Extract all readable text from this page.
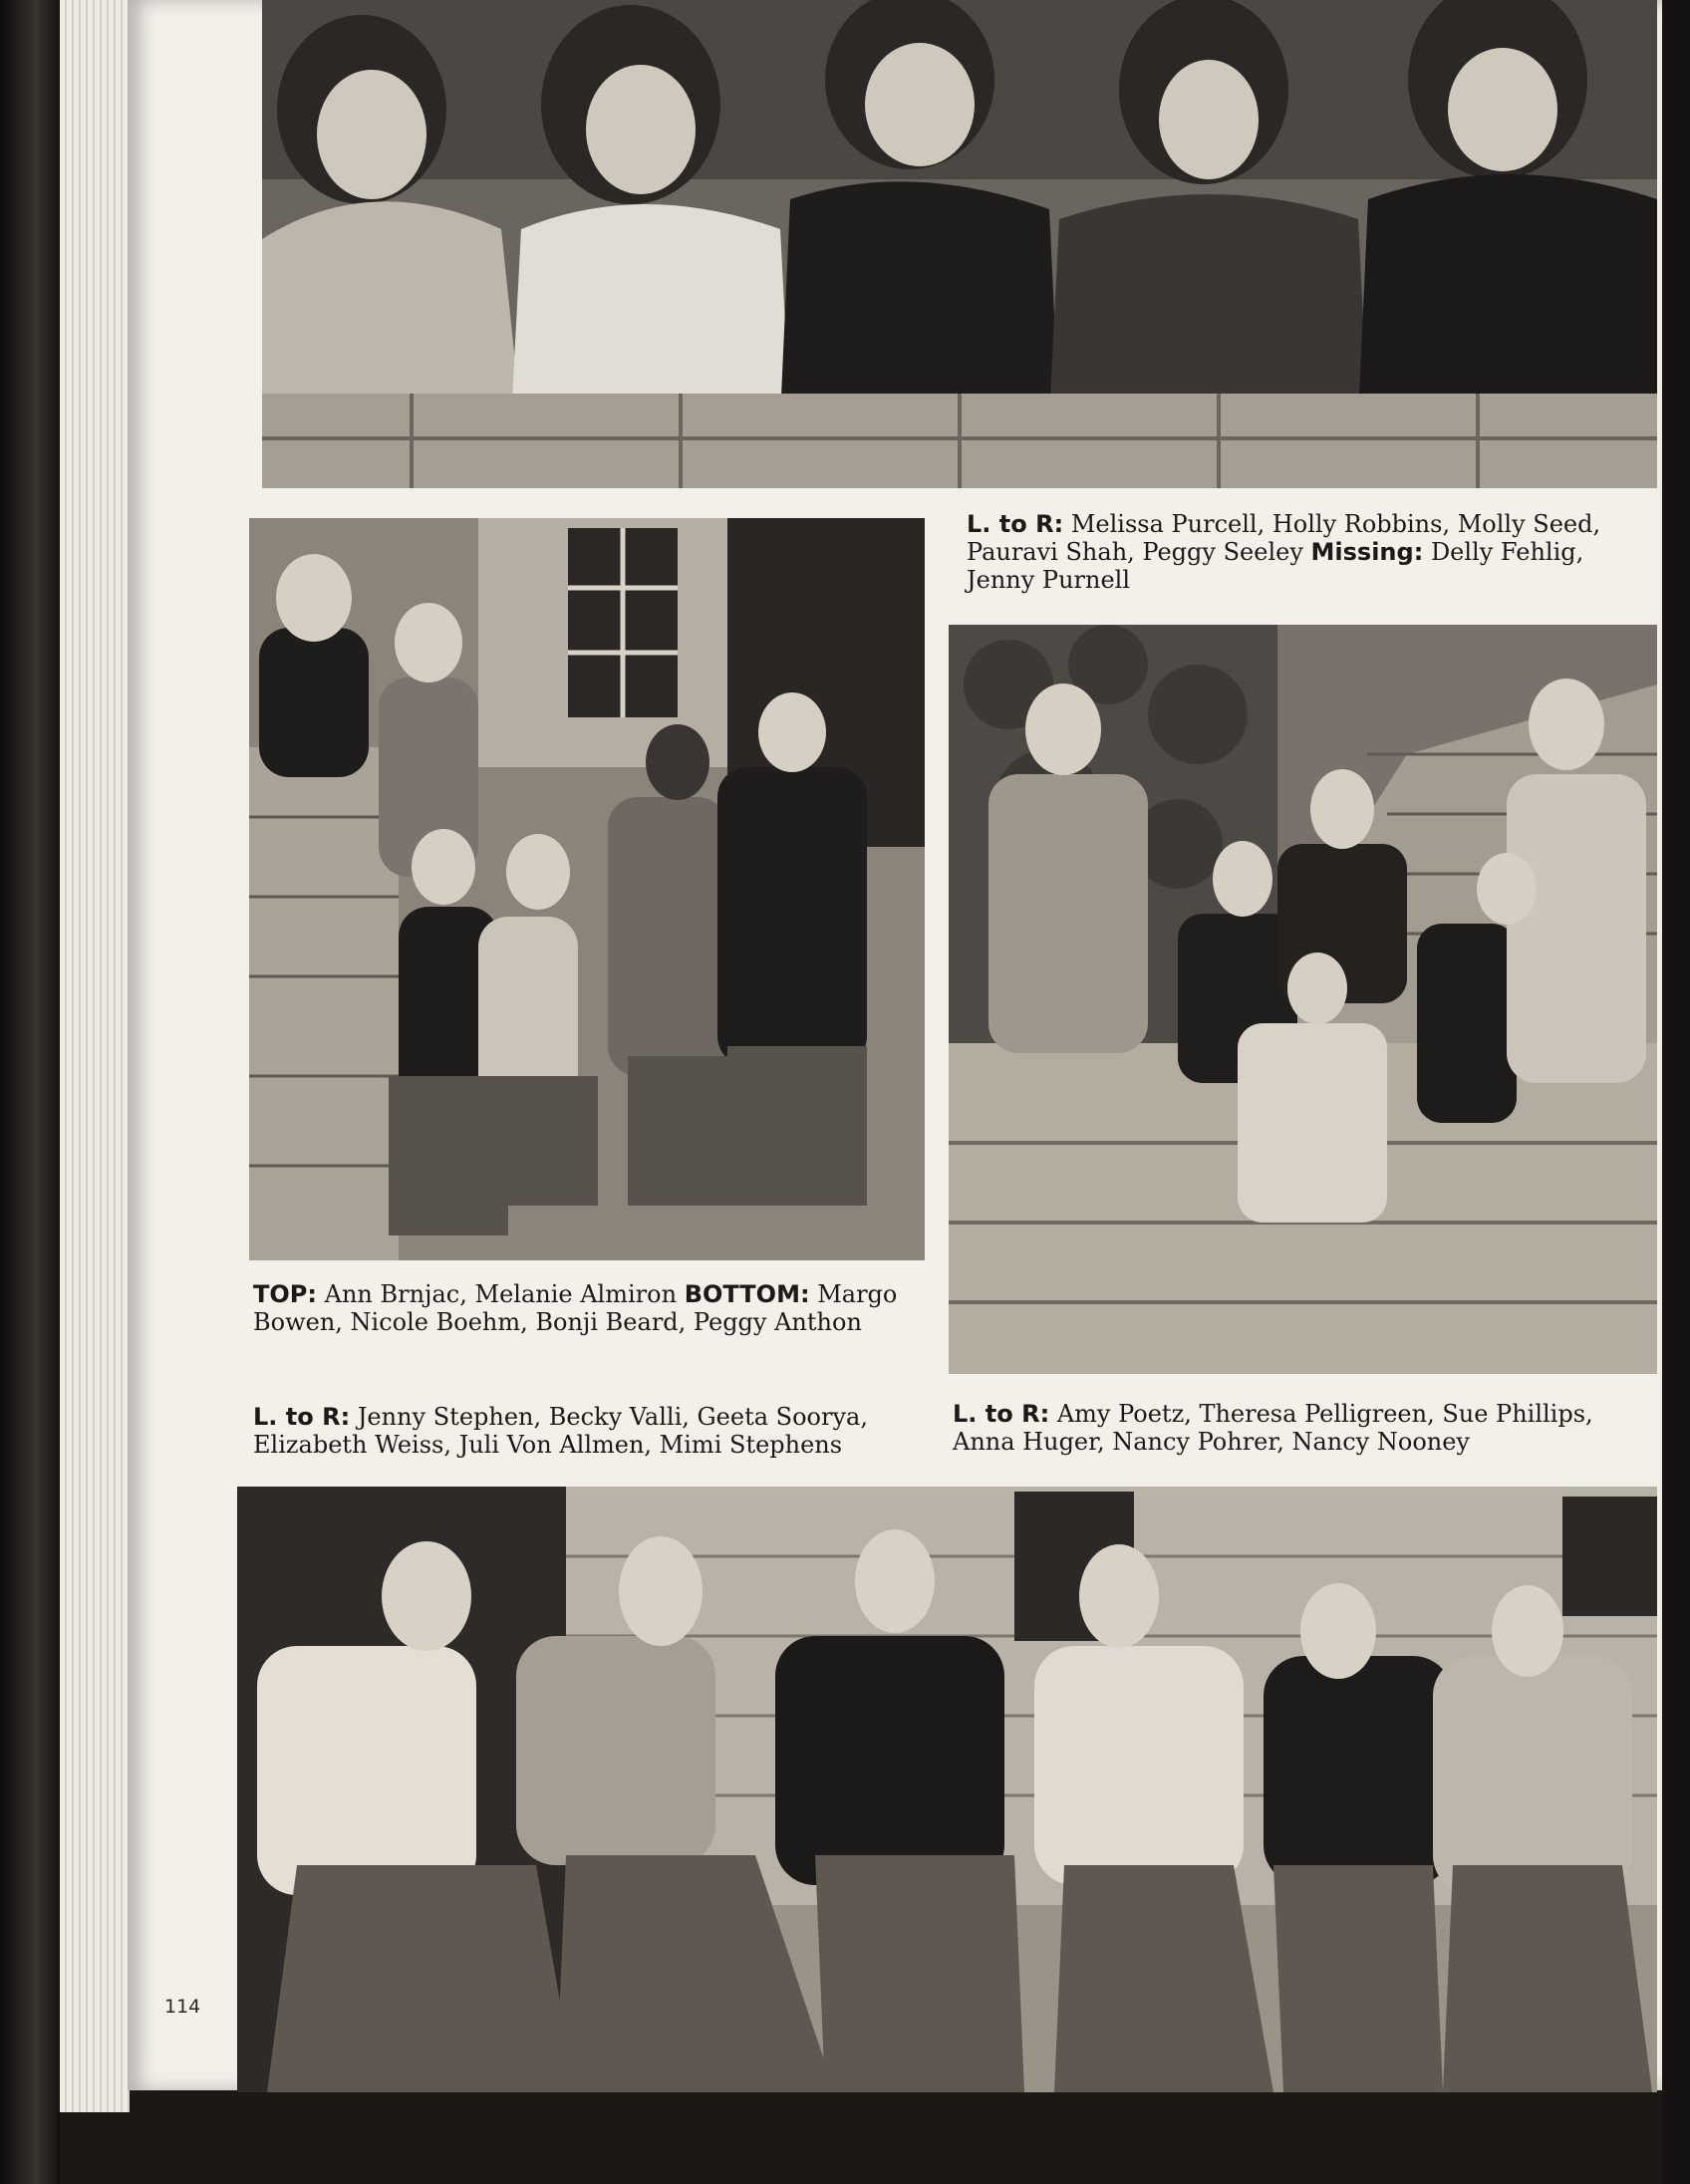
L. to R: Melissa Purcell, Holly Robbins, Molly Seed, Pauravi Shah, Peggy Seeley Missing: Delly Fehlig, Jenny Purnell
TOP: Ann Brnjac, Melanie Almiron BOTTOM: Margo Bowen, Nicole Boehm, Bonji Beard, Peggy Anthon
L. to R: Jenny Stephen, Becky Valli, Geeta Soorya, Elizabeth Weiss, Juli Von Allmen, Mimi Stephens
L. to R: Amy Poetz, Theresa Pelligreen, Sue Phillips, Anna Huger, Nancy Pohrer, Nancy Nooney
114
